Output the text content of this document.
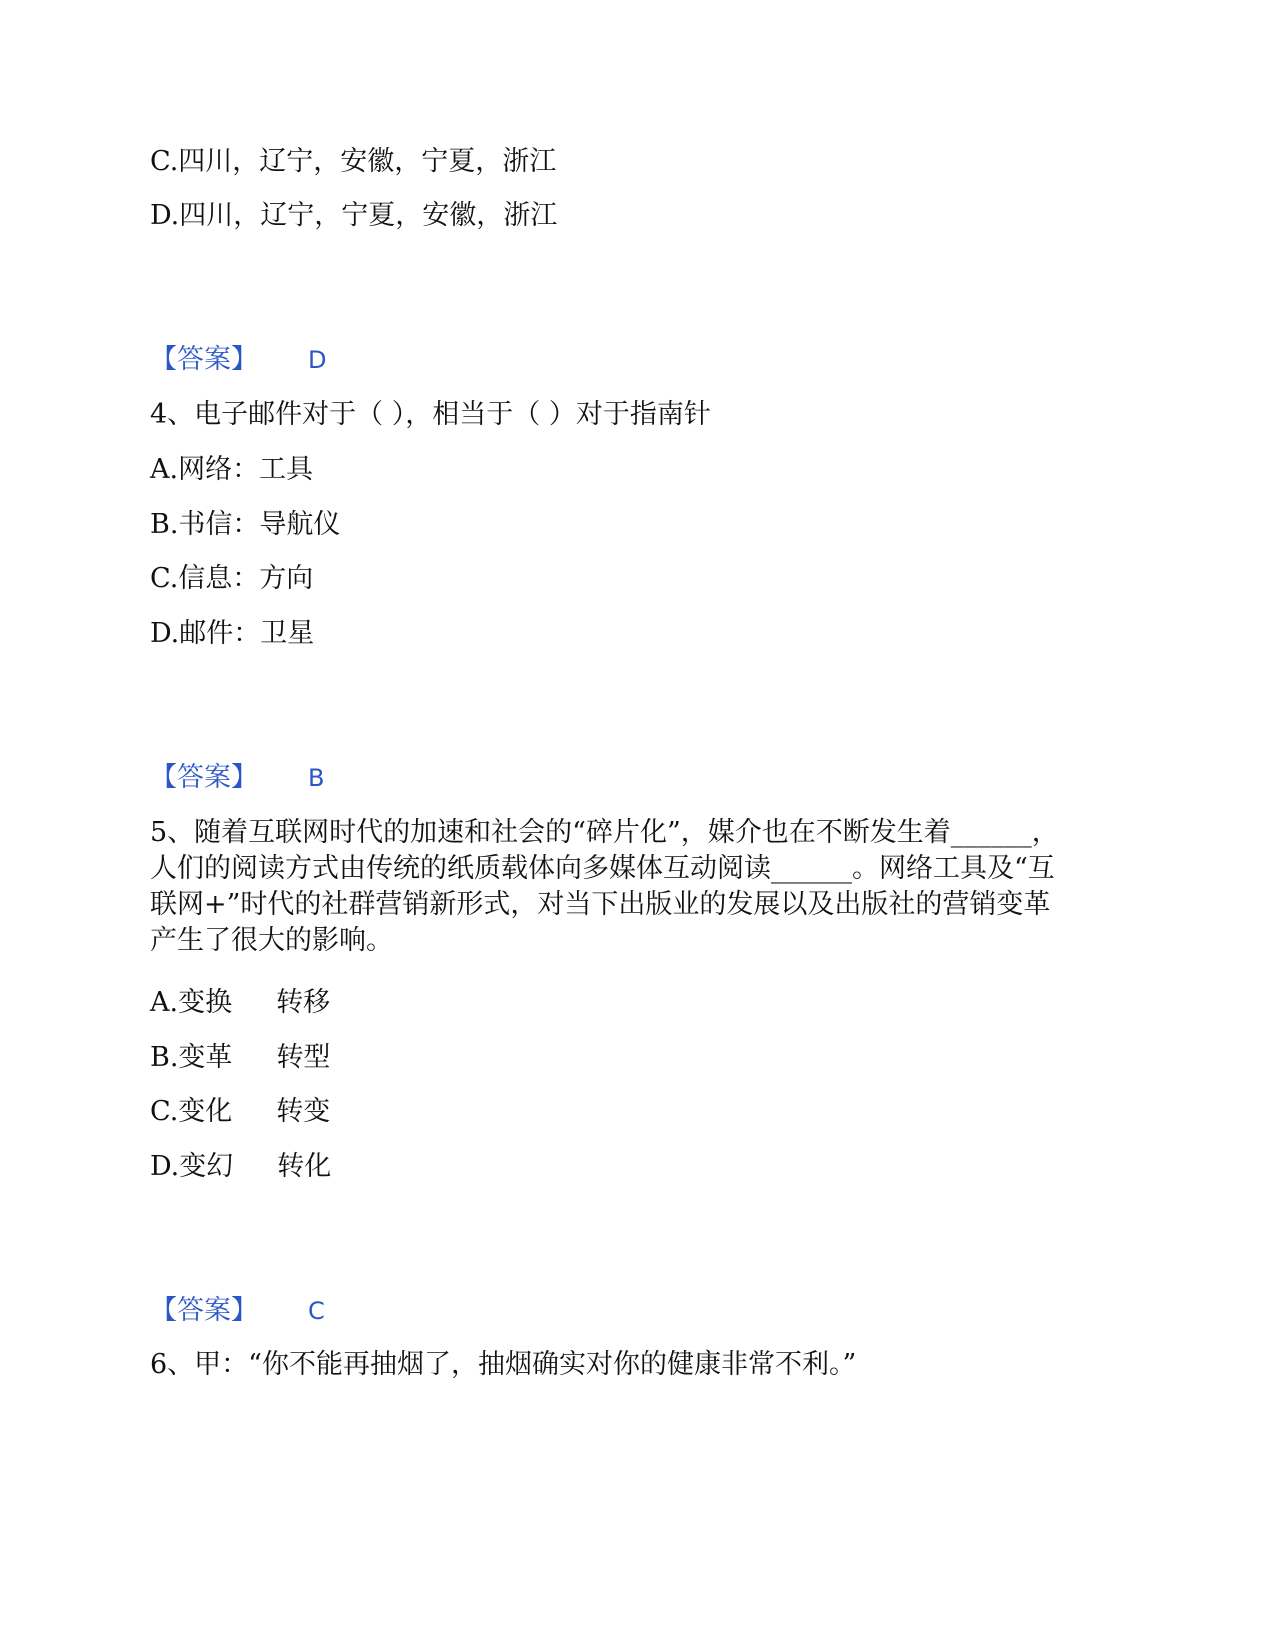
C.四川，辽宁，安徽，宁夏，浙江

D.四川，辽宁，宁夏，安徽，浙江

【答案】 D

4、电子邮件对于（ ），相当于（ ）对于指南针

A.网络：工具

B.书信：导航仪

C.信息：方向

D.邮件：卫星

【答案】 B
5、随着互联网时代的加速和社会的“碎片化”，媒介也在不断发生着______，
人们的阅读方式由传统的纸质载体向多媒体互动阅读______。网络工具及“互
联网+”时代的社群营销新形式，对当下出版业的发展以及出版社的营销变革
产生了很大的影响。

A.变换 转移

B.变革 转型

C.变化 转变

D.变幻 转化

【答案】 C

6、甲：“你不能再抽烟了，抽烟确实对你的健康非常不利。”
